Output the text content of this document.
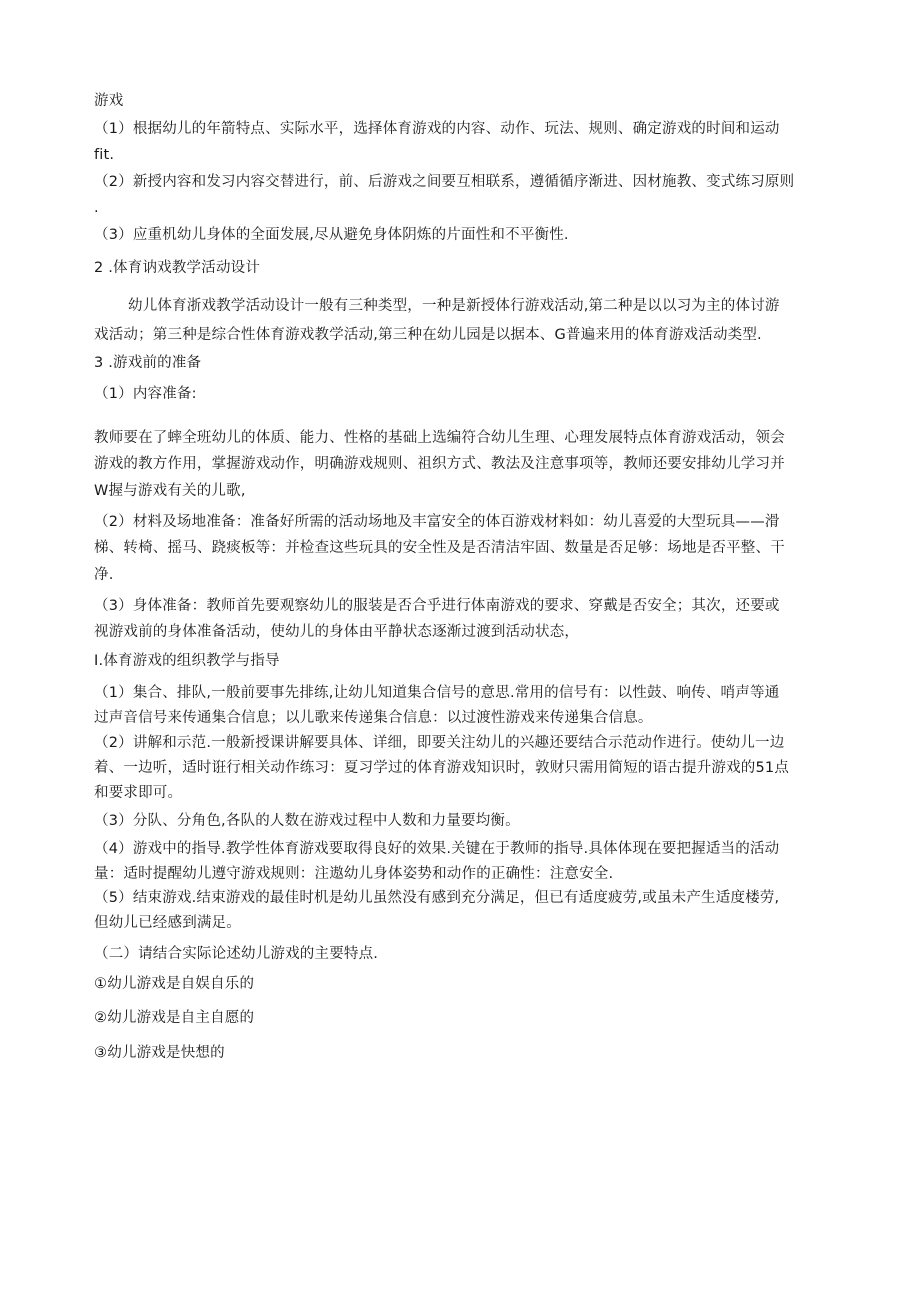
游戏
（1）根据幼儿的年箭特点、实际水平，选择体育游戏的内容、动作、玩法、规则、确定游戏的时间和运动
fit.
（2）新授内容和发习内容交替进行，前、后游戏之间要互相联系，遵循循序渐进、因材施教、变式练习原则
.
（3）应重机幼儿身体的全面发展,尽从避免身体阴炼的片面性和不平衡性.
2 .体育讷戏教学活动设计
幼儿体育浙戏教学活动设计一般有三种类型，一种是新授体行游戏活动,第二种是以以习为主的体讨游
戏活动；第三种是综合性体育游戏教学活动,第三种在幼儿园是以据本、G普遍来用的体育游戏活动类型.
3 .游戏前的准备
（1）内容准备:
教师要在了蟀全班幼儿的体质、能力、性格的基础上选编符合幼儿生理、心理发展特点体育游戏活动，领会
游戏的教方作用，掌握游戏动作，明确游戏规则、祖织方式、教法及注意事项等，教师还要安排幼儿学习并
W握与游戏有关的儿歌,
（2）材料及场地准备：准备好所需的活动场地及丰富安全的体百游戏材料如：幼儿喜爱的大型玩具——滑
梯、转椅、摇马、跷痰板等：并检查这些玩具的安全性及是否清洁牢固、数量是否足够：场地是否平整、干
净.
（3）身体准备：教师首先要观察幼儿的服装是否合乎进行体南游戏的要求、穿戴是否安全；其次，还要或
视游戏前的身体准备活动，使幼儿的身体由平静状态逐渐过渡到活动状态，
I.体育游戏的组织教学与指导
（1）集合、排队,一般前要事先排练,让幼儿知道集合信号的意思.常用的信号有：以性鼓、响传、哨声等通
过声音信号来传通集合信息；以儿歌来传递集合信息：以过渡性游戏来传递集合信息。
（2）讲解和示范.一般新授课讲解要具体、详细，即要关注幼儿的兴趣还要结合示范动作进行。使幼儿一边
着、一边听，适时诳行相关动作练习：夏习学过的体育游戏知识时，敦财只需用简短的语古提升游戏的51点
和要求即可。
（3）分队、分角色,各队的人数在游戏过程中人数和力量要均衡。
（4）游戏中的指导.教学性体育游戏要取得良好的效果.关键在于教师的指导.具体体现在要把握适当的活动
量：适时提醒幼儿遵守游戏规则：注遨幼儿身体姿势和动作的正确性：注意安全.
（5）结束游戏.结束游戏的最佳时机是幼儿虽然没有感到充分满足，但已有适度疲劳,或虽未产生适度楼劳,
但幼儿已经感到满足。
（二）请结合实际论述幼儿游戏的主要特点.
①幼儿游戏是自娱自乐的
②幼儿游戏是自主自愿的
③幼儿游戏是快想的
